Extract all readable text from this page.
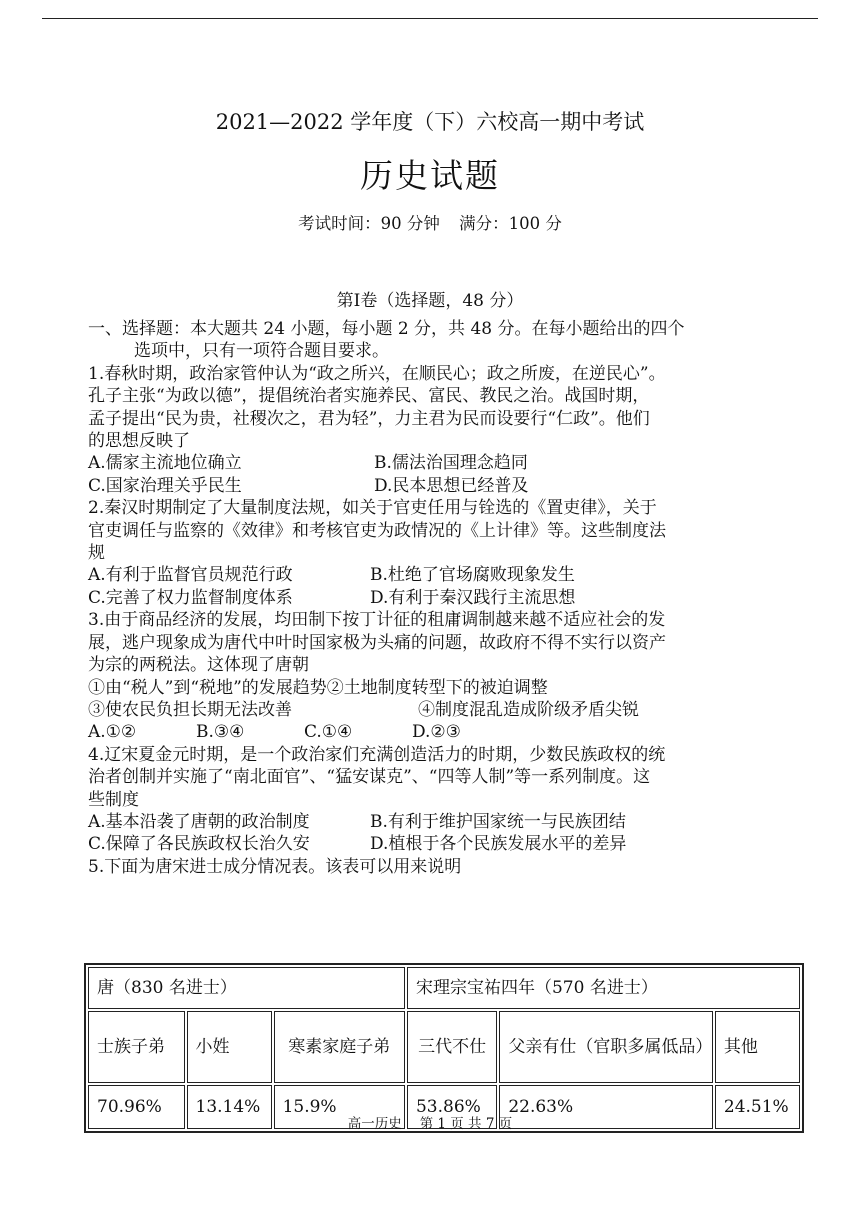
2021—2022 学年度（下）六校高一期中考试
历史试题
考试时间：90 分钟 满分：100 分
第Ⅰ卷（选择题，48 分）

一、选择题：本大题共 24 小题，每小题 2 分，共 48 分。在每小题给出的四个

选项中，只有一项符合题目要求。

1.春秋时期，政治家管仲认为“政之所兴，在顺民心；政之所废，在逆民心”。

孔子主张“为政以德”，提倡统治者实施养民、富民、教民之治。战国时期，

孟子提出“民为贵，社稷次之，君为轻”，力主君为民而设要行“仁政”。他们

的思想反映了

A.儒家主流地位确立	B.儒法治国理念趋同
C.国家治理关乎民生	D.民本思想已经普及

2.秦汉时期制定了大量制度法规，如关于官吏任用与铨选的《置吏律》，关于

官吏调任与监察的《效律》和考核官吏为政情况的《上计律》等。这些制度法

规

A.有利于监督官员规范行政	B.杜绝了官场腐败现象发生
C.完善了权力监督制度体系	D.有利于秦汉践行主流思想

3.由于商品经济的发展，均田制下按丁计征的租庸调制越来越不适应社会的发

展，逃户现象成为唐代中叶时国家极为头痛的问题，故政府不得不实行以资产

为宗的两税法。这体现了唐朝

①由“税人”到“税地”的发展趋势②土地制度转型下的被迫调整

③使农民负担长期无法改善	④制度混乱造成阶级矛盾尖锐
A.①②	B.③④	C.①④	D.②③

4.辽宋夏金元时期，是一个政治家们充满创造活力的时期，少数民族政权的统

治者创制并实施了“南北面官”、“猛安谋克”、“四等人制”等一系列制度。这

些制度

A.基本沿袭了唐朝的政治制度	B.有利于维护国家统一与民族团结
C.保障了各民族政权长治久安	D.植根于各个民族发展水平的差异

5.下面为唐宋进士成分情况表。该表可以用来说明

唐（830 名进士）			宋理宗宝祐四年（570 名进士）		
士族子弟	小姓	寒素家庭子弟	三代不仕	父亲有仕（官职多属低品）	其他
70.96%	13.14%	15.9%	53.86%	22.63%	24.51%
高一历史　 第 1 页 共 7 页
